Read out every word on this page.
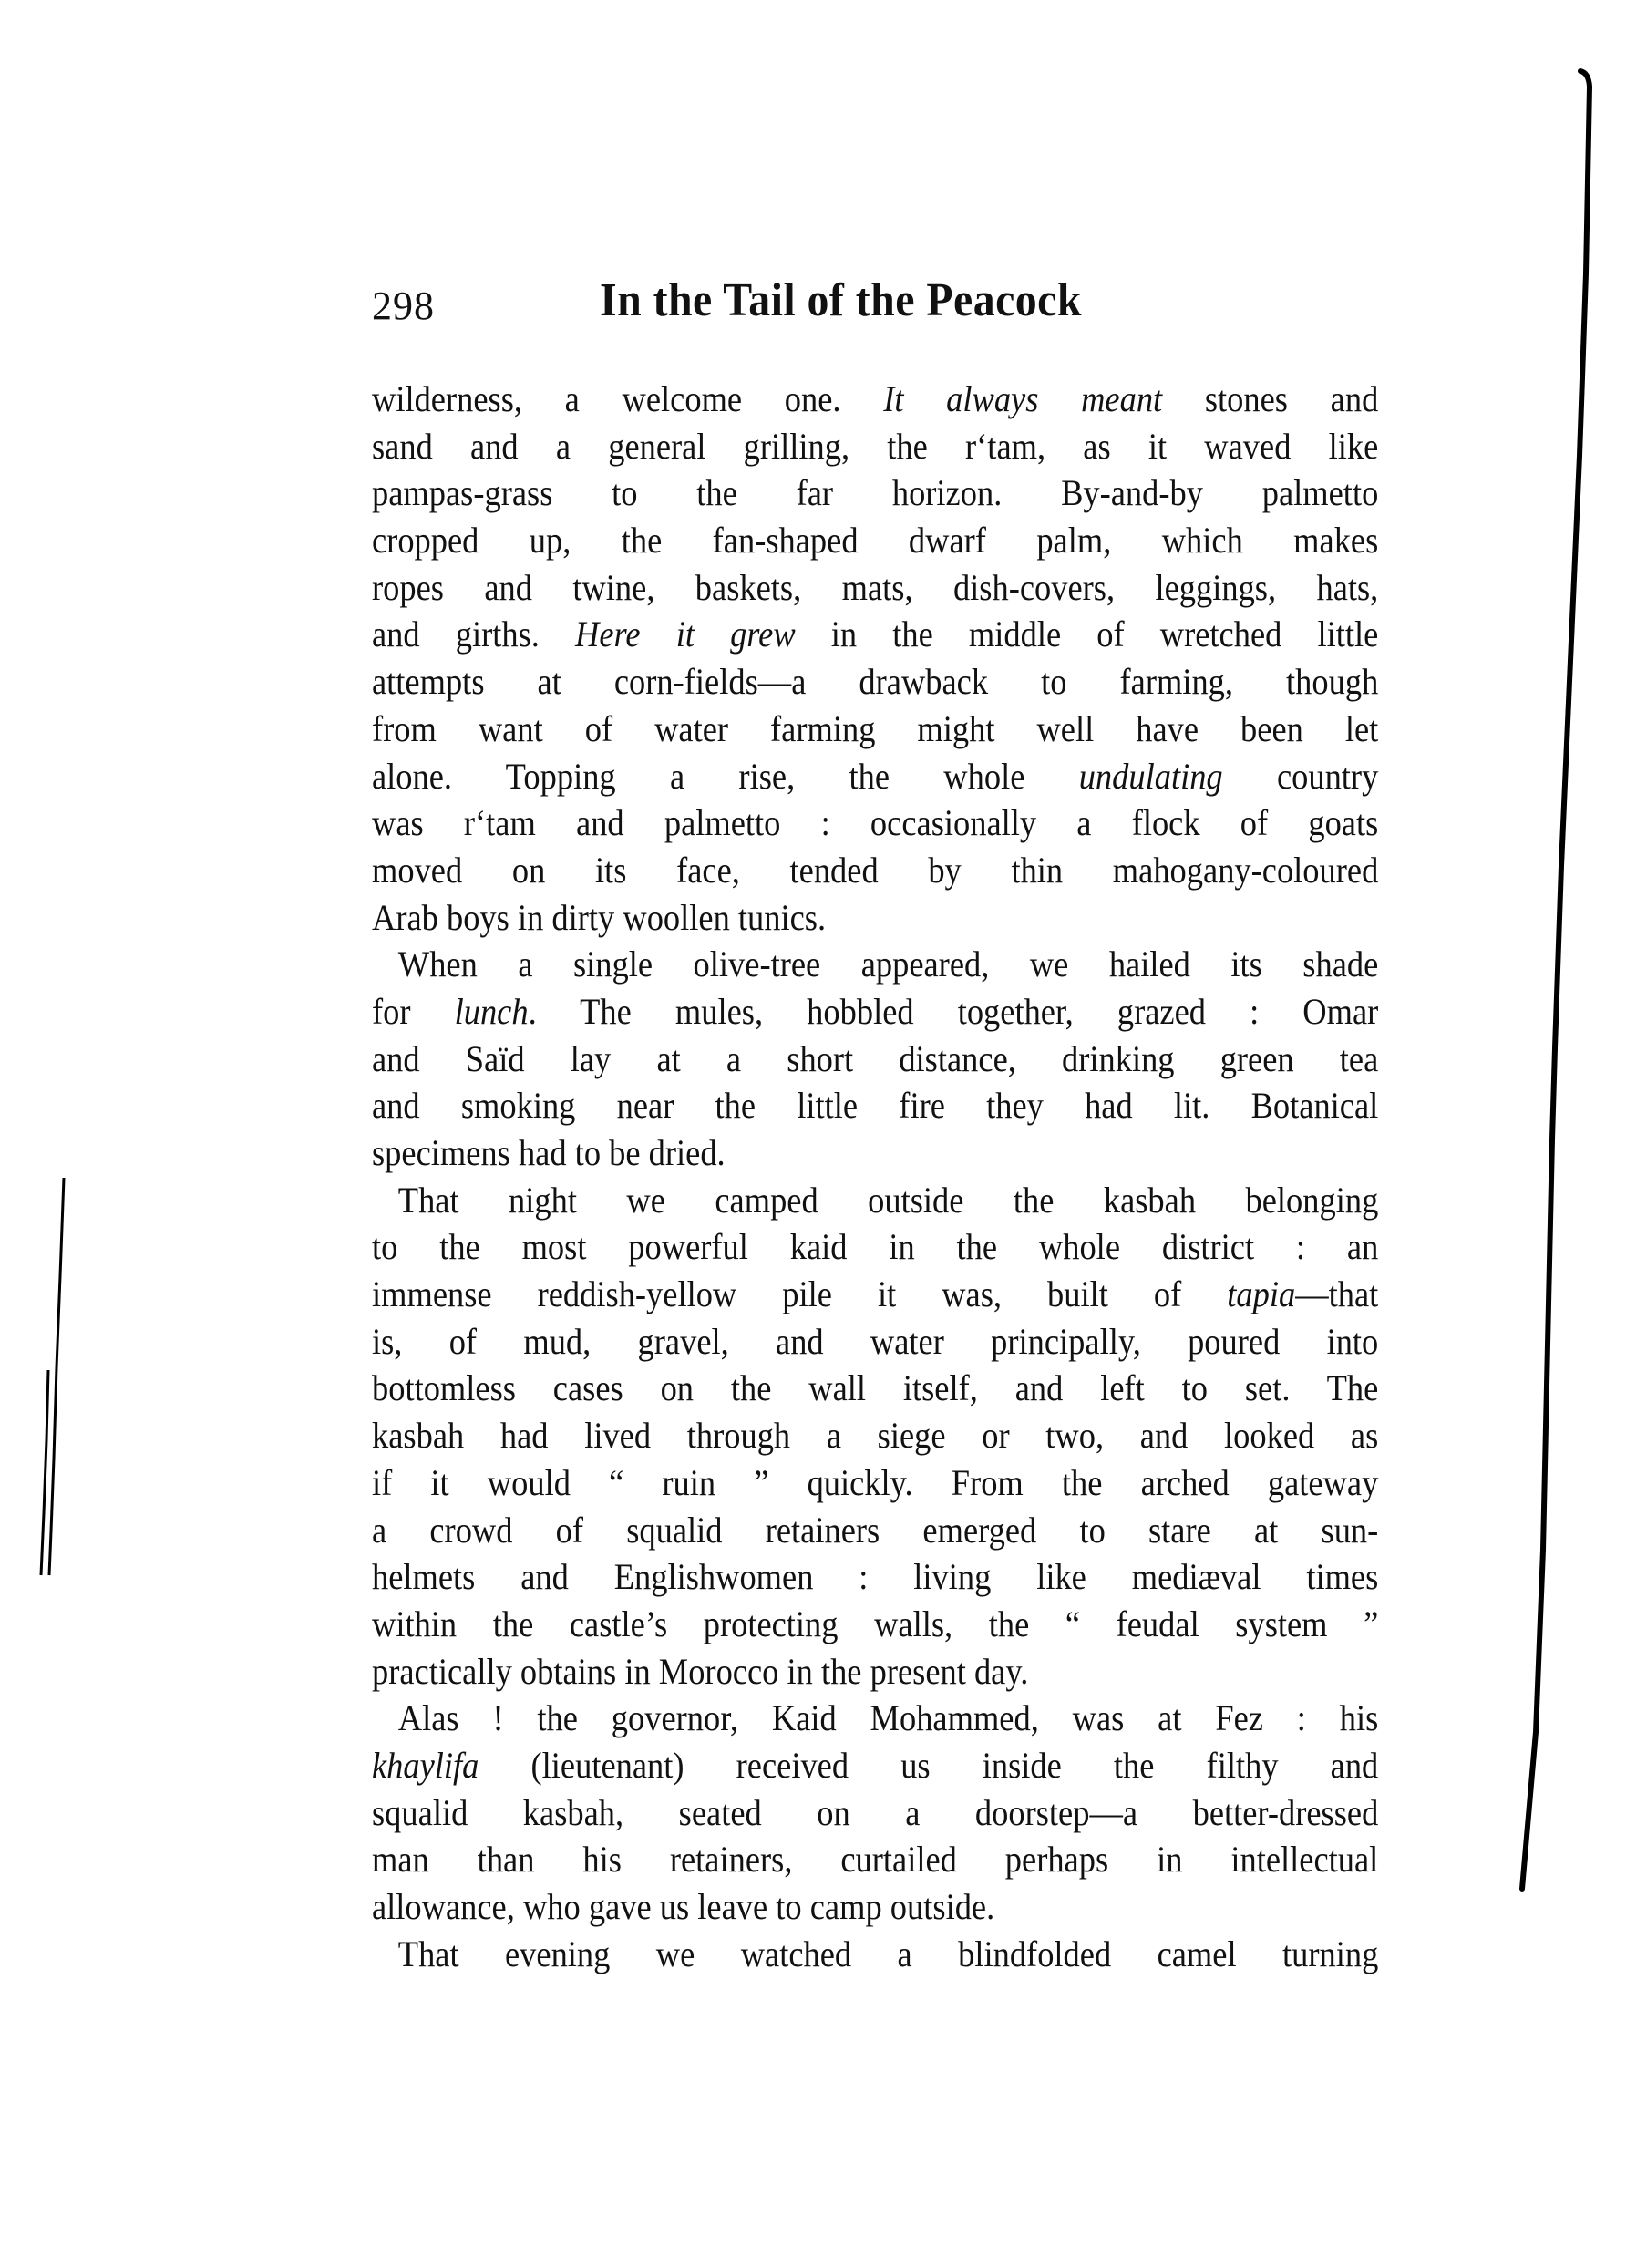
298	In the Tail of the Peacock
wilderness, a welcome one. It always meant stones and
sand and a general grilling, the r‘tam, as it waved like
pampas-grass to the far horizon. By-and-by palmetto
cropped up, the fan-shaped dwarf palm, which makes
ropes and twine, baskets, mats, dish-covers, leggings, hats,
and girths. Here it grew in the middle of wretched little
attempts at corn-fields—a drawback to farming, though
from want of water farming might well have been let
alone. Topping a rise, the whole undulating country
was r‘tam and palmetto : occasionally a flock of goats
moved on its face, tended by thin mahogany-coloured
Arab boys in dirty woollen tunics.
When a single olive-tree appeared, we hailed its shade
for lunch. The mules, hobbled together, grazed : Omar
and Saïd lay at a short distance, drinking green tea
and smoking near the little fire they had lit. Botanical
specimens had to be dried.
That night we camped outside the kasbah belonging
to the most powerful kaid in the whole district : an
immense reddish-yellow pile it was, built of tapia—that
is, of mud, gravel, and water principally, poured into
bottomless cases on the wall itself, and left to set. The
kasbah had lived through a siege or two, and looked as
if it would “ ruin ” quickly. From the arched gateway
a crowd of squalid retainers emerged to stare at sun-
helmets and Englishwomen : living like mediæval times
within the castle’s protecting walls, the “ feudal system ”
practically obtains in Morocco in the present day.
Alas ! the governor, Kaid Mohammed, was at Fez : his
khaylifa (lieutenant) received us inside the filthy and
squalid kasbah, seated on a doorstep—a better-dressed
man than his retainers, curtailed perhaps in intellectual
allowance, who gave us leave to camp outside.
That evening we watched a blindfolded camel turning
